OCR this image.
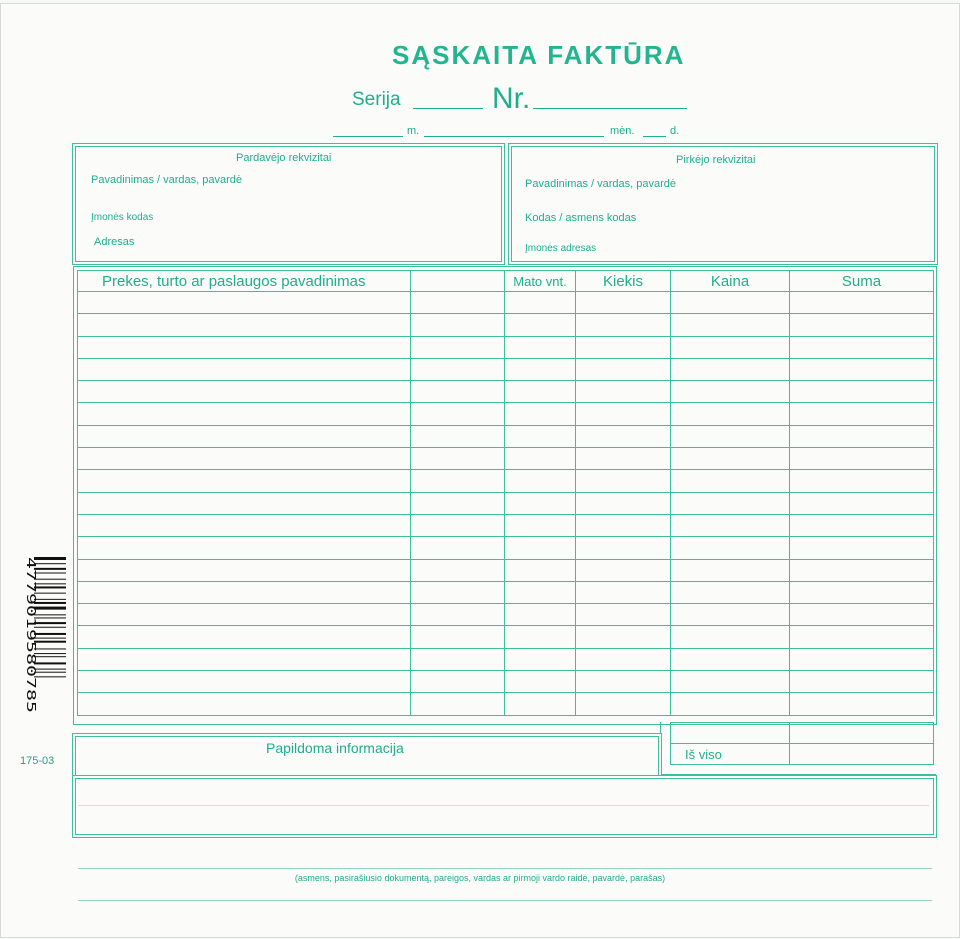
SĄSKAITA FAKTŪRA
Serija	Nr.
m.	mėn.	d.
Pardavėjo rekvizitai
Pavadinimas / vardas, pavardė
Įmonės kodas
Adresas
Pirkėjo rekvizitai
Pavadinimas / vardas, pavardė
Kodas / asmens kodas
Įmonės adresas
Prekes, turto ar paslaugos pavadinimas		Mato vnt.	Kiekis	Kaina	Suma

Iš viso	
Papildoma informacija
(asmens, pasirašiusio dokumentą, pareigos, vardas ar pirmoji vardo raidė, pavardė, parašas)
4779019580785
175-03
